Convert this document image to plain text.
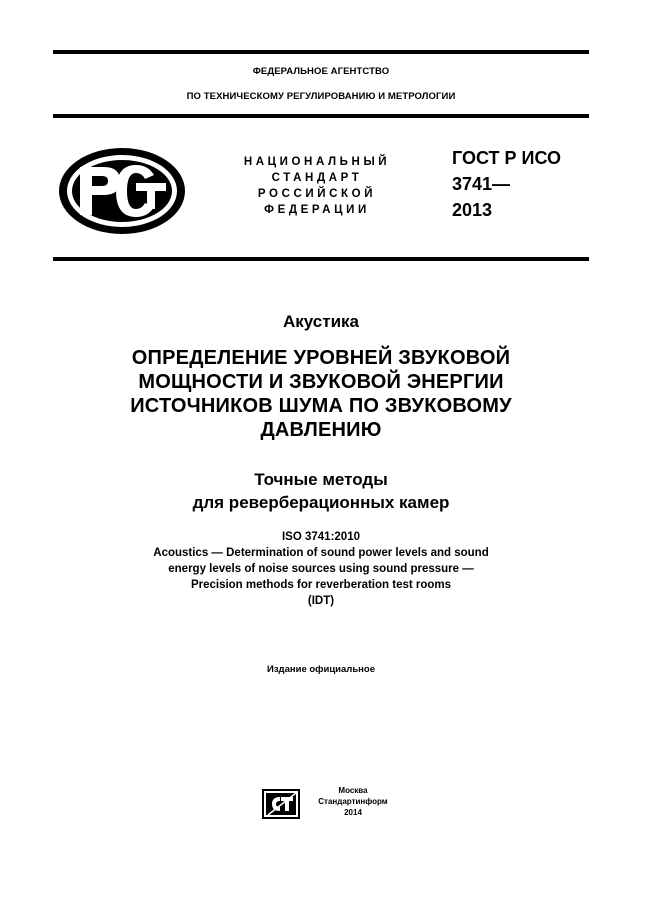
ФЕДЕРАЛЬНОЕ АГЕНТСТВО
ПО ТЕХНИЧЕСКОМУ РЕГУЛИРОВАНИЮ И МЕТРОЛОГИИ
НАЦИОНАЛЬНЫЙ
СТАНДАРТ
РОССИЙСКОЙ
ФЕДЕРАЦИИ
ГОСТ Р ИСО
3741—
2013
Акустика
ОПРЕДЕЛЕНИЕ УРОВНЕЙ ЗВУКОВОЙ
МОЩНОСТИ И ЗВУКОВОЙ ЭНЕРГИИ
ИСТОЧНИКОВ ШУМА ПО ЗВУКОВОМУ
ДАВЛЕНИЮ
Точные методы
для реверберационных камер
ISO 3741:2010
Acoustics — Determination of sound power levels and sound
energy levels of noise sources using sound pressure —
Precision methods for reverberation test rooms
(IDT)
Издание официальное
Москва
Стандартинформ
2014
